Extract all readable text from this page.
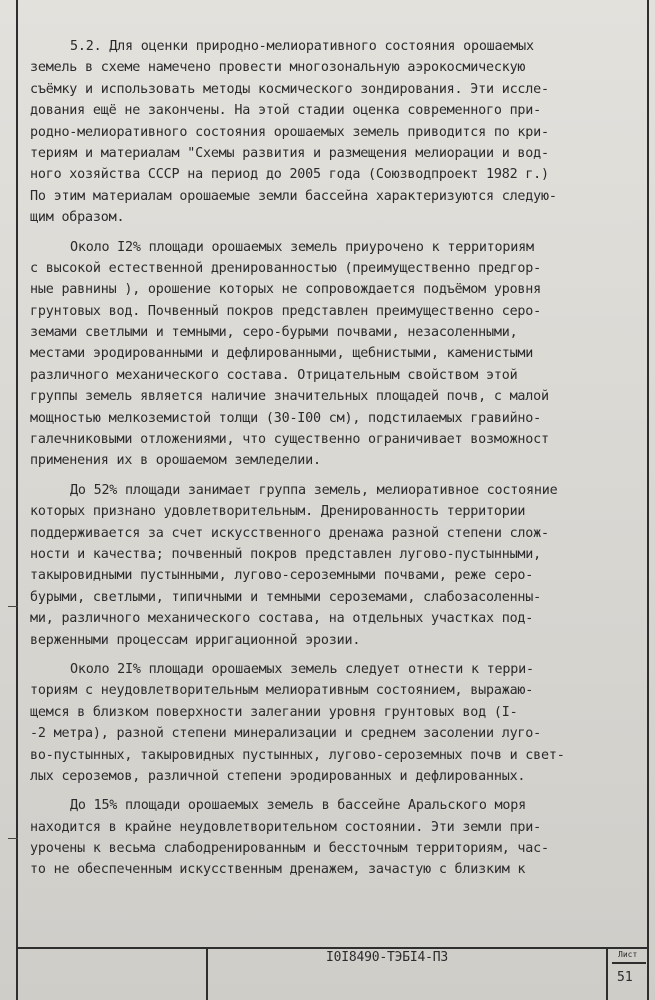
5.2. Для оценки природно-мелиоративного состояния орошаемых
земель в схеме намечено провести многозональную аэрокосмическую
съёмку и использовать методы космического зондирования. Эти иссле-
дования ещё не закончены. На этой стадии оценка современного при-
родно-мелиоративного состояния орошаемых земель приводится по кри-
териям и материалам "Схемы развития и размещения мелиорации и вод-
ного хозяйства СССР на период до 2005 года (Союзводпроект 1982 г.)
По этим материалам орошаемые земли бассейна характеризуются следую-
щим образом.
Около I2% площади орошаемых земель приурочено к территориям
с высокой естественной дренированностью (преимущественно предгор-
ные равнины ), орошение которых не сопровождается подъёмом уровня
грунтовых вод. Почвенный покров представлен преимущественно серо-
земами светлыми и темными, серо-бурыми почвами, незасоленными,
местами эродированными и дефлированными, щебнистыми, каменистыми
различного механического состава. Отрицательным свойством этой
группы земель является наличие значительных площадей почв, с малой
мощностью мелкоземистой толщи (30-I00 см), подстилаемых гравийно-
галечниковыми отложениями, что существенно ограничивает возможност
применения их в орошаемом земледелии.
До 52% площади занимает группа земель, мелиоративное состояние
которых признано удовлетворительным. Дренированность территории
поддерживается за счет искусственного дренажа разной степени слож-
ности и качества; почвенный покров представлен лугово-пустынными,
такыровидными пустынными, лугово-сероземными почвами, реже серо-
бурыми, светлыми, типичными и темными сероземами, слабозасоленны-
ми, различного механического состава, на отдельных участках под-
верженными процессам ирригационной эрозии.
Около 2I% площади орошаемых земель следует отнести к терри-
ториям с неудовлетворительным мелиоративным состоянием, выражаю-
щемся в близком поверхности залегании уровня грунтовых вод (I-
-2 метра), разной степени минерализации и среднем засолении луго-
во-пустынных, такыровидных пустынных, лугово-сероземных почв и свет-
лых сероземов, различной степени эродированных и дефлированных.
До 15% площади орошаемых земель в бассейне Аральского моря
находится в крайне неудовлетворительном состоянии. Эти земли при-
урочены к весьма слабодренированным и бессточным территориям, час-
то не обеспеченным искусственным дренажем, зачастую с близким к
I0I8490-ТЭБI4-ПЗ	Лист
51
